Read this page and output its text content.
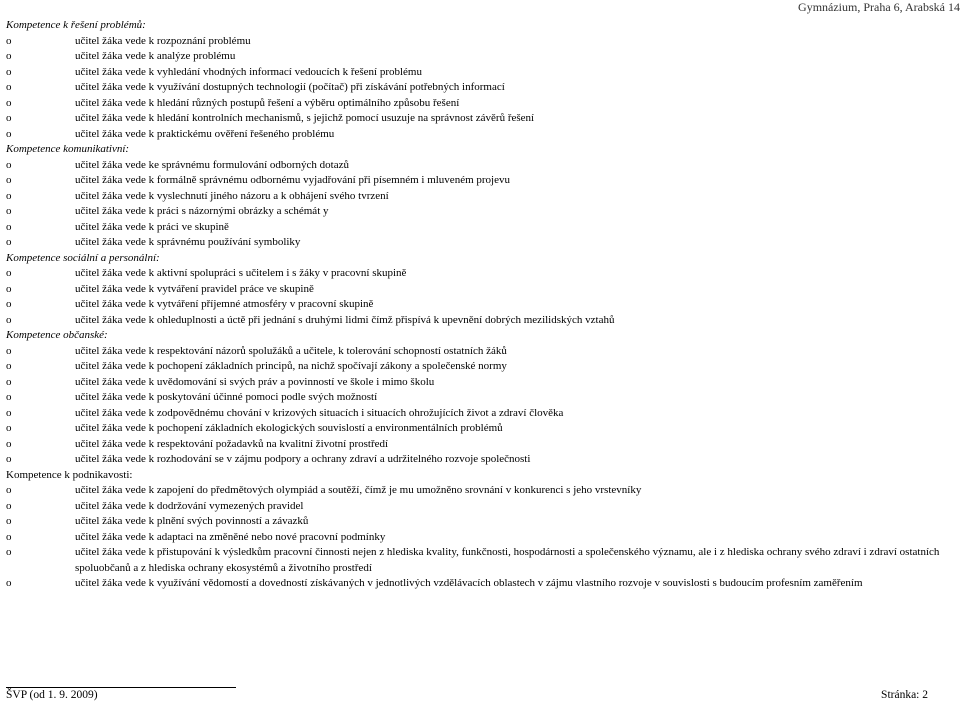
Gymnázium, Praha 6, Arabská 14
Kompetence k řešení problémů:
o	učitel žáka vede k rozpoznání problému
o	učitel žáka vede k analýze problému
o	učitel žáka vede k vyhledání vhodných informací vedoucích k řešení problému
o	učitel žáka vede k využívání dostupných technologií (počítač) při získávání potřebných informací
o	učitel žáka vede k hledání různých postupů řešení a výběru optimálního způsobu řešení
o	učitel žáka vede k hledání kontrolních mechanismů, s jejichž pomocí usuzuje na správnost závěrů řešení
o	učitel žáka vede k praktickému ověření řešeného problému
Kompetence komunikativní:
o	učitel žáka vede ke správnému formulování odborných dotazů
o	učitel žáka vede k formálně správnému odbornému vyjadřování při písemném i mluveném projevu
o	učitel žáka vede k vyslechnutí jiného názoru a k obhájení svého tvrzení
o	učitel žáka vede k práci s názornými obrázky a schémát y
o	učitel žáka vede k práci ve skupině
o	učitel žáka vede k správnému používání symboliky
Kompetence sociální a personální:
o	učitel žáka vede k aktivní spolupráci s učitelem i s žáky v pracovní skupině
o	učitel žáka vede k vytváření pravidel práce ve skupině
o	učitel žáka vede k vytváření příjemné atmosféry v pracovní skupině
o	učitel žáka vede k ohleduplnosti a úctě při jednání s druhými lidmi čímž přispívá k upevnění dobrých mezilidských vztahů
Kompetence občanské:
o	učitel žáka vede k respektování názorů spolužáků a učitele, k tolerování schopností ostatních žáků
o	učitel žáka vede k pochopení základních principů, na nichž spočívají zákony a společenské normy
o	učitel žáka vede k uvědomování si svých práv a povinností ve škole i mimo školu
o	učitel žáka vede k poskytování účinné pomoci podle svých možností
o	učitel žáka vede k zodpovědnému chování v krizových situacích i situacích ohrožujících život a zdraví člověka
o	učitel žáka vede k pochopení základních ekologických souvislostí a environmentálních problémů
o	učitel žáka vede k respektování požadavků na kvalitní životní prostředí
o	učitel žáka vede k rozhodování se v zájmu podpory a ochrany zdraví a udržitelného rozvoje společnosti
Kompetence k podnikavosti:
o	učitel žáka vede k zapojení do předmětových olympiád a soutěží, čímž je mu umožněno srovnání v konkurenci s jeho vrstevníky
o	učitel žáka vede k dodržování vymezených pravidel
o	učitel žáka vede k plnění svých povinností a závazků
o	učitel žáka vede k adaptaci na změněné nebo nové pracovní podmínky
o	učitel žáka vede k přistupování k výsledkům pracovní činnosti nejen z hlediska kvality, funkčnosti, hospodárnosti a společenského významu, ale i z hlediska ochrany svého zdraví i zdraví ostatních spoluobčanů a z hlediska ochrany ekosystémů a životního prostředí
o	učitel žáka vede k využívání vědomostí a dovedností získávaných v jednotlivých vzdělávacích oblastech v zájmu vlastního rozvoje v souvislosti s budoucím profesním zaměřením
ŠVP (od 1. 9. 2009)	Stránka: 2
